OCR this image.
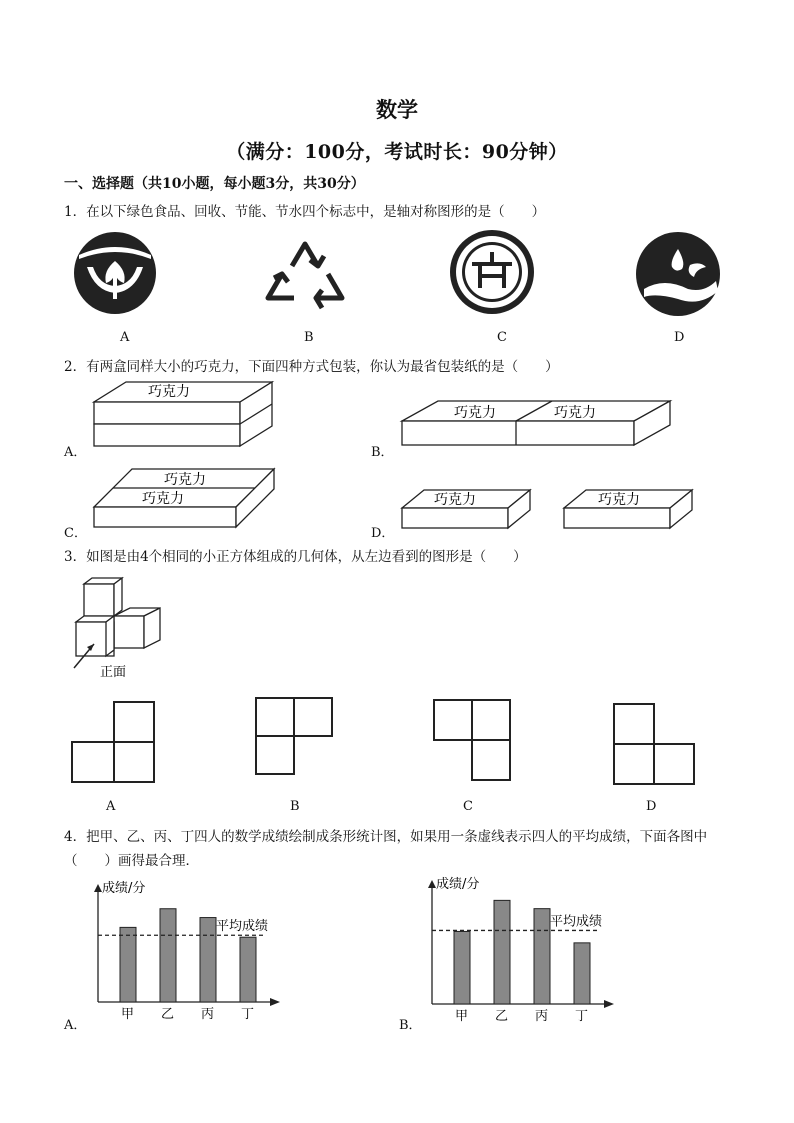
数学
（满分：100分，考试时长：90分钟）
一、选择题（共10小题，每小题3分，共30分）
1．在以下绿色食品、回收、节能、节水四个标志中，是轴对称图形的是（　　）
A	B	C	D
2．有两盒同样大小的巧克力，下面四种方式包装，你认为最省包装纸的是（　　）
巧克力
A．
巧克力	巧克力
B．
巧克力
巧克力
C．
巧克力	巧克力
D．
3．如图是由4个相同的小正方体组成的几何体，从左边看到的图形是（　　）
正面
A	B	C	D
4．把甲、乙、丙、丁四人的数学成绩绘制成条形统计图，如果用一条虚线表示四人的平均成绩，下面各图中
（　　）画得最合理．
成绩/分
甲 乙 丙 丁
平均成绩
A．
成绩/分
甲 乙 丙 丁
平均成绩
B．
